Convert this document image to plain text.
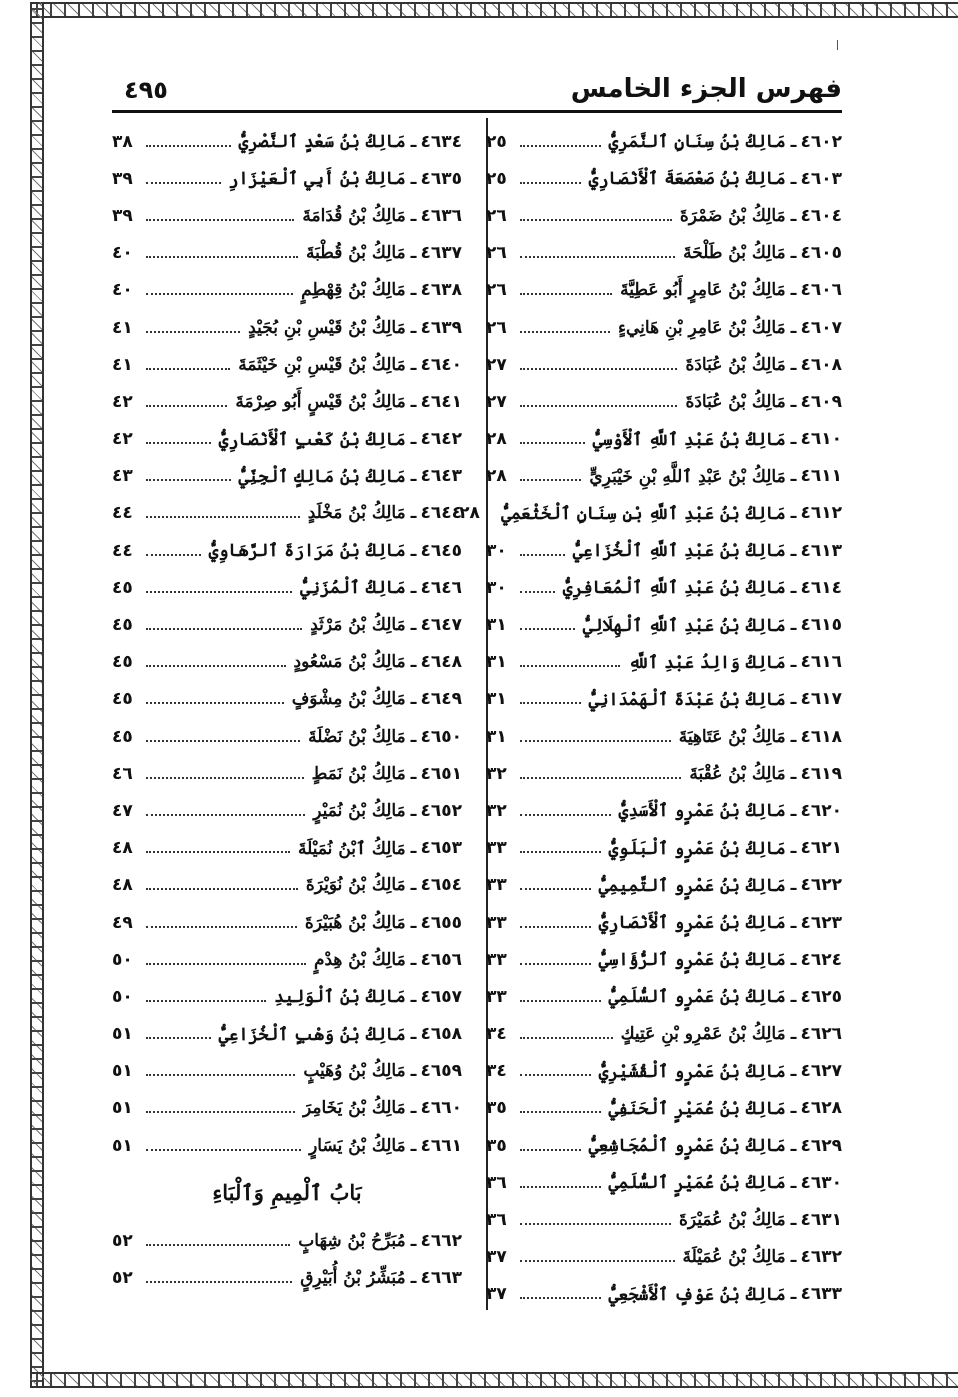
٤٩٥	فهرس الجزء الخامس
٤٦٠٢
ـ
مَالِكُ بْنُ سِنَانٍ ٱلنَّمَرِيُّ
٢٥
٤٦٠٣
ـ
مَالِكُ بْنُ صَعْصَعَةَ ٱلْأَنْصَارِيُّ
٢٥
٤٦٠٤
ـ
مَالِكُ بْنُ ضَمْرَةَ
٢٦
٤٦٠٥
ـ
مَالِكُ بْنُ طَلْحَةَ
٢٦
٤٦٠٦
ـ
مَالِكُ بْنُ عَامِرٍ أَبُو عَطِيَّةَ
٢٦
٤٦٠٧
ـ
مَالِكُ بْنُ عَامِرِ بْنِ هَانِيءٍ
٢٦
٤٦٠٨
ـ
مَالِكُ بْنُ عُبَادَةَ
٢٧
٤٦٠٩
ـ
مَالِكُ بْنُ عُبَادَةَ
٢٧
٤٦١٠
ـ
مَالِكُ بْنُ عَبْدِ ٱللَّهِ ٱلْأَوْسِيُّ
٢٨
٤٦١١
ـ
مَالِكُ بْنُ عَبْدِ ٱللَّهِ بْنِ خَيْبَرِيٍّ
٢٨
٤٦١٢
ـ
مَالِكُ بْنُ عَبْدِ ٱللَّهِ بْنِ سِنَانٍ ٱلْخَثْعَمِيُّ
٢٨
٤٦١٣
ـ
مَالِكُ بْنُ عَبْدِ ٱللَّهِ ٱلْخُزَاعِيُّ
٣٠
٤٦١٤
ـ
مَالِكُ بْنُ عَبْدِ ٱللَّهِ ٱلْمُعَافِرِيُّ
٣٠
٤٦١٥
ـ
مَالِكُ بْنُ عَبْدِ ٱللَّهِ ٱلْهِلَالِيُّ
٣١
٤٦١٦
ـ
مَالِكُ وَالِدُ عَبْدِ ٱللَّهِ
٣١
٤٦١٧
ـ
مَالِكُ بْنُ عَبْدَةَ ٱلْهَمْدَانِيُّ
٣١
٤٦١٨
ـ
مَالِكُ بْنُ عَتَاهِيَةَ
٣١
٤٦١٩
ـ
مَالِكُ بْنُ عُقْبَةَ
٣٢
٤٦٢٠
ـ
مَالِكُ بْنُ عَمْرٍو ٱلْأَسَدِيُّ
٣٢
٤٦٢١
ـ
مَالِكُ بْنُ عَمْرٍو ٱلْبَلَوِيُّ
٣٣
٤٦٢٢
ـ
مَالِكُ بْنُ عَمْرٍو ٱلتَّمِيمِيُّ
٣٣
٤٦٢٣
ـ
مَالِكُ بْنُ عَمْرٍو ٱلْأَنْصَارِيُّ
٣٣
٤٦٢٤
ـ
مَالِكُ بْنُ عَمْرٍو ٱلرُّؤَاسِيُّ
٣٣
٤٦٢٥
ـ
مَالِكُ بْنُ عَمْرٍو ٱلسُّلَمِيُّ
٣٣
٤٦٢٦
ـ
مَالِكُ بْنُ عَمْرِو بْنِ عَتِيكٍ
٣٤
٤٦٢٧
ـ
مَالِكُ بْنُ عَمْرٍو ٱلْقُشَيْرِيُّ
٣٤
٤٦٢٨
ـ
مَالِكُ بْنُ عُمَيْرٍ ٱلْحَنَفِيُّ
٣٥
٤٦٢٩
ـ
مَالِكُ بْنُ عَمْرٍو ٱلْمُجَاشِعِيُّ
٣٥
٤٦٣٠
ـ
مَالِكُ بْنُ عُمَيْرٍ ٱلسُّلَمِيُّ
٣٦
٤٦٣١
ـ
مَالِكُ بْنُ عُمَيْرَةَ
٣٦
٤٦٣٢
ـ
مَالِكُ بْنُ عُمَيْلَةَ
٣٧
٤٦٣٣
ـ
مَالِكُ بْنُ عَوْفٍ ٱلْأَشْجَعِيُّ
٣٧
٤٦٣٤
ـ
مَالِكُ بْنُ سَعْدٍ ٱلنَّصْرِيُّ
٣٨
٤٦٣٥
ـ
مَالِكُ بْنُ أَبِي ٱلْعَيْزَارِ
٣٩
٤٦٣٦
ـ
مَالِكُ بْنُ قُدَامَةَ
٣٩
٤٦٣٧
ـ
مَالِكُ بْنُ قُطْبَةَ
٤٠
٤٦٣٨
ـ
مَالِكُ بْنُ قِهْطِمٍ
٤٠
٤٦٣٩
ـ
مَالِكُ بْنُ قَيْسِ بْنِ بُجَيْدٍ
٤١
٤٦٤٠
ـ
مَالِكُ بْنُ قَيْسِ بْنِ خَيْثَمَةَ
٤١
٤٦٤١
ـ
مَالِكُ بْنُ قَيْسٍ أَبُو صِرْمَةَ
٤٢
٤٦٤٢
ـ
مَالِكُ بْنُ كَعْبٍ ٱلْأَنْصَارِيُّ
٤٢
٤٦٤٣
ـ
مَالِكُ بْنُ مَالِكٍ ٱلْجِنِّيُّ
٤٣
٤٦٤٤
ـ
مَالِكُ بْنُ مَخْلَدٍ
٤٤
٤٦٤٥
ـ
مَالِكُ بْنُ مَرَارَةَ ٱلرَّهَاوِيُّ
٤٤
٤٦٤٦
ـ
مَالِكُ ٱلْمُزَنِيُّ
٤٥
٤٦٤٧
ـ
مَالِكُ بْنُ مَرْثَدٍ
٤٥
٤٦٤٨
ـ
مَالِكُ بْنُ مَسْعُودٍ
٤٥
٤٦٤٩
ـ
مَالِكُ بْنُ مِشْوَفٍ
٤٥
٤٦٥٠
ـ
مَالِكُ بْنُ نَضْلَةَ
٤٥
٤٦٥١
ـ
مَالِكُ بْنُ نَمَطٍ
٤٦
٤٦٥٢
ـ
مَالِكُ بْنُ نُمَيْرٍ
٤٧
٤٦٥٣
ـ
مَالِكُ ٱبْنُ نُمَيْلَةَ
٤٨
٤٦٥٤
ـ
مَالِكُ بْنُ نُوَيْرَةَ
٤٨
٤٦٥٥
ـ
مَالِكُ بْنُ هُبَيْرَةَ
٤٩
٤٦٥٦
ـ
مَالِكُ بْنُ هِدْمٍ
٥٠
٤٦٥٧
ـ
مَالِكُ بْنُ ٱلْوَلِيدِ
٥٠
٤٦٥٨
ـ
مَالِكُ بْنُ وَهْبٍ ٱلْخُزَاعِيُّ
٥١
٤٦٥٩
ـ
مَالِكُ بْنُ وُهَيْبٍ
٥١
٤٦٦٠
ـ
مَالِكُ بْنُ يَخَامِرَ
٥١
٤٦٦١
ـ
مَالِكُ بْنُ يَسَارٍ
٥١
بَابُ ٱلْمِيمِ وَٱلْبَاءِ
٤٦٦٢
ـ
مُبَرِّحُ بْنُ شِهَابٍ
٥٢
٤٦٦٣
ـ
مُبَشِّرُ بْنُ أُبَيْرِقٍ
٥٢
